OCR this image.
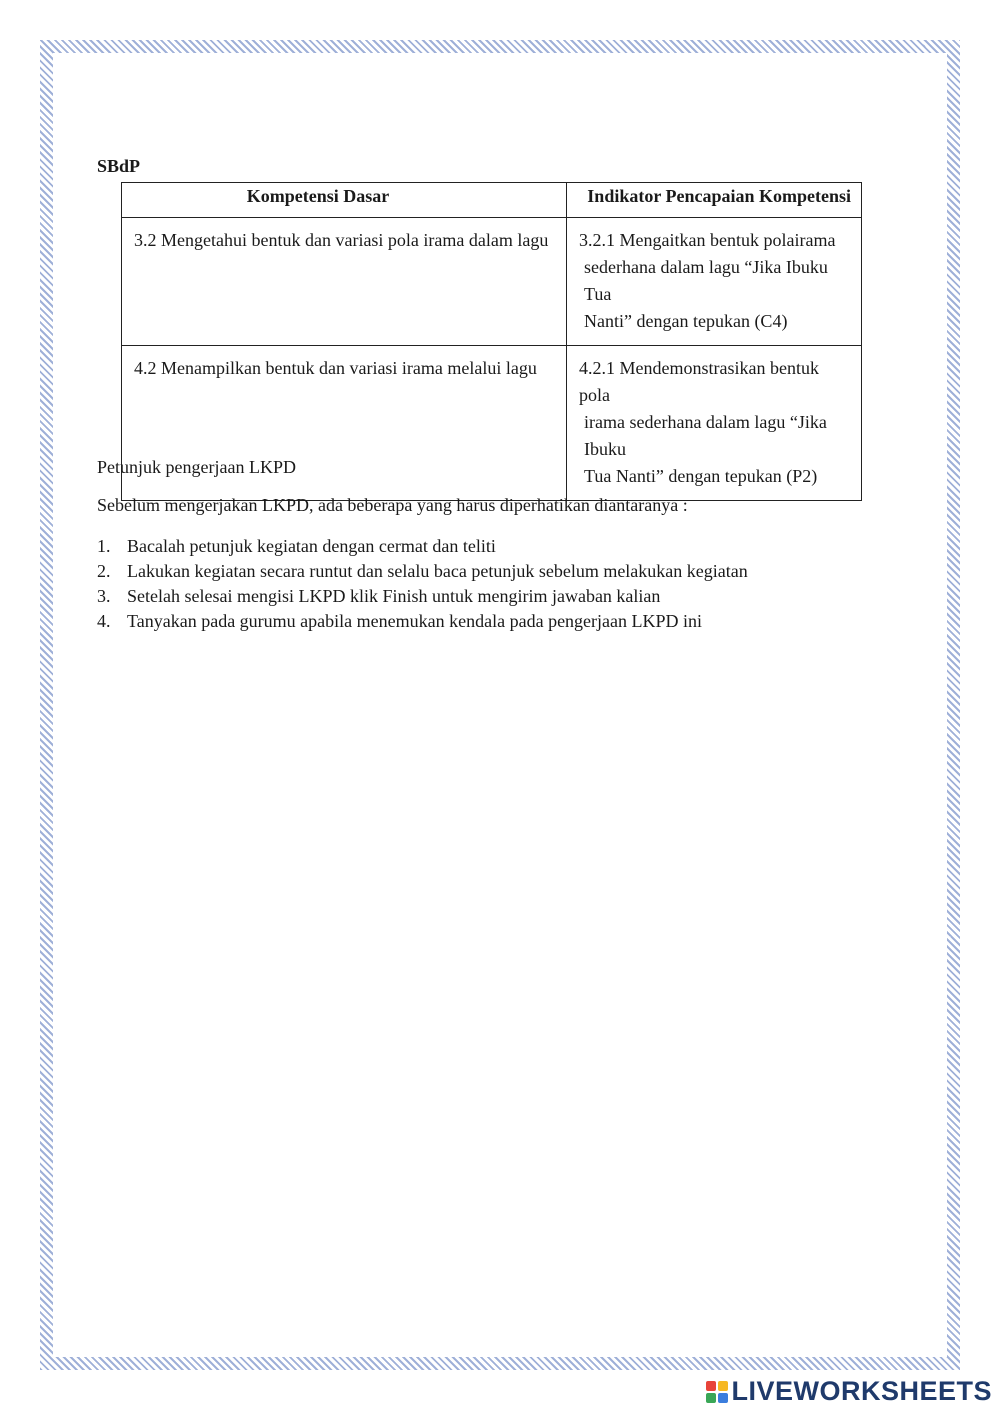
SBdP
Kompetensi Dasar	Indikator Pencapaian Kompetensi
3.2 Mengetahui bentuk dan variasi pola irama dalam lagu	3.2.1 Mengaitkan bentuk polairama
sederhana dalam lagu “Jika Ibuku Tua
Nanti” dengan tepukan (C4)

4.2 Menampilkan bentuk dan variasi irama melalui lagu	4.2.1 Mendemonstrasikan bentuk pola
irama sederhana dalam lagu “Jika Ibuku
Tua Nanti” dengan tepukan (P2)
Petunjuk pengerjaan LKPD
Sebelum mengerjakan LKPD, ada beberapa yang harus diperhatikan diantaranya :
1. Bacalah petunjuk kegiatan dengan cermat dan teliti
2. Lakukan kegiatan secara runtut dan selalu baca petunjuk sebelum melakukan kegiatan
3. Setelah selesai mengisi LKPD klik Finish untuk mengirim jawaban kalian
4. Tanyakan pada gurumu apabila menemukan kendala pada pengerjaan LKPD ini
LIVEWORKSHEETS
